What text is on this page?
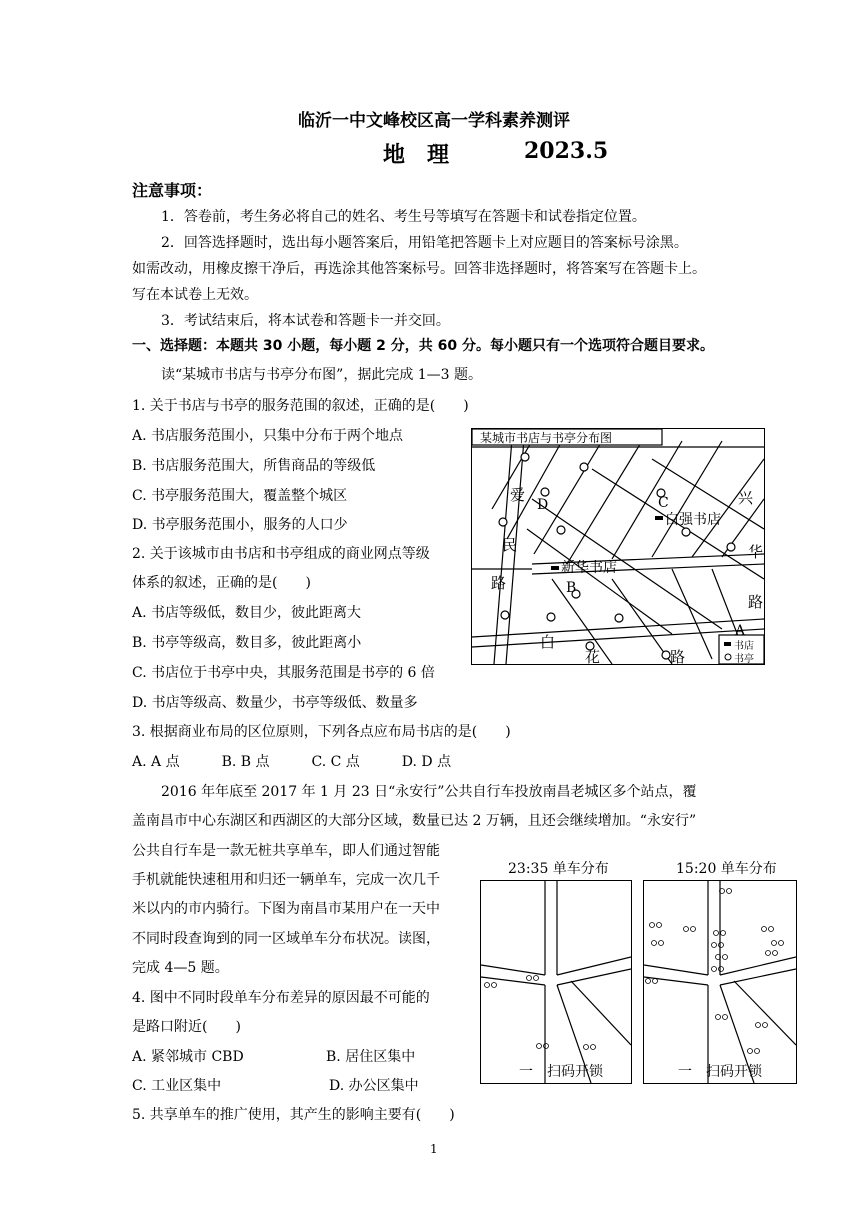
临沂一中文峰校区高一学科素养测评
地　理	2023.5
注意事项：
1．答卷前，考生务必将自己的姓名、考生号等填写在答题卡和试卷指定位置。
2．回答选择题时，选出每小题答案后，用铅笔把答题卡上对应题目的答案标号涂黑。
如需改动，用橡皮擦干净后，再选涂其他答案标号。回答非选择题时，将答案写在答题卡上。
写在本试卷上无效。
3．考试结束后，将本试卷和答题卡一并交回。
一、选择题：本题共 30 小题，每小题 2 分，共 60 分。每小题只有一个选项符合题目要求。
读“某城市书店与书亭分布图”，据此完成 1—3 题。
1. 关于书店与书亭的服务范围的叙述，正确的是(　　)
A. 书店服务范围小，只集中分布于两个地点
B. 书店服务范围大，所售商品的等级低
C. 书亭服务范围大，覆盖整个城区
D. 书亭服务范围小，服务的人口少
2. 关于该城市由书店和书亭组成的商业网点等级
体系的叙述，正确的是(　　)
A. 书店等级低，数目少，彼此距离大
B. 书亭等级高，数目多，彼此距离小
C. 书店位于书亭中央，其服务范围是书亭的 6 倍
D. 书店等级高、数量少，书亭等级低、数量多
3. 根据商业布局的区位原则，下列各点应布局书店的是(　　)
A. A 点　　　B. B 点　　　C. C 点　　　D. D 点
某城市书店与书亭分布图
爱
民
路
兴
华
路
白
花	路
白强书店
新华书店
A
B
C
D
书店
书亭
2016 年年底至 2017 年 1 月 23 日“永安行”公共自行车投放南昌老城区多个站点，覆
盖南昌市中心东湖区和西湖区的大部分区域，数量已达 2 万辆，且还会继续增加。“永安行”
公共自行车是一款无桩共享单车，即人们通过智能
手机就能快速租用和归还一辆单车，完成一次几千
米以内的市内骑行。下图为南昌市某用户在一天中
不同时段查询到的同一区域单车分布状况。读图，
完成 4—5 题。
23:35 单车分布	15:20 单车分布
一　扫码开锁	一　扫码开锁
4. 图中不同时段单车分布差异的原因最不可能的
是路口附近(　　)
A. 紧邻城市 CBD	B. 居住区集中
C. 工业区集中	D. 办公区集中
5. 共享单车的推广使用，其产生的影响主要有(　　)
1
